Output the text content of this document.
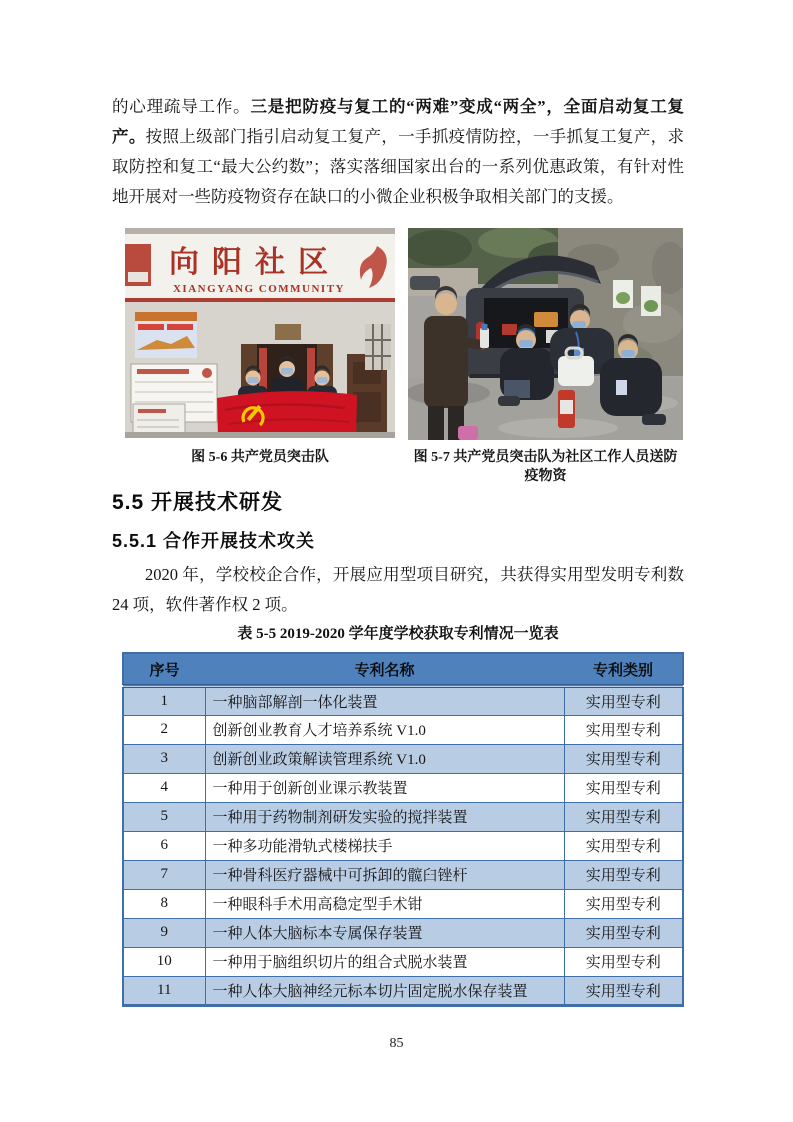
的心理疏导工作。三是把防疫与复工的“两难”变成“两全”，全面启动复工复产。按照上级部门指引启动复工复产，一手抓疫情防控，一手抓复工复产，求取防控和复工“最大公约数”；落实落细国家出台的一系列优惠政策，有针对性地开展对一些防疫物资存在缺口的小微企业积极争取相关部门的支援。

向阳社区
XIANGYANG COMMUNITY
图 5-6 共产党员突击队	图 5-7 共产党员突击队为社区工作人员送防疫物资
5.5 开展技术研发
5.5.1 合作开展技术攻关

2020 年，学校校企合作，开展应用型项目研究，共获得实用型发明专利数 24 项，软件著作权 2 项。

表 5-5 2019-2020 学年度学校获取专利情况一览表
序号	专利名称	专利类别
1	一种脑部解剖一体化装置	实用型专利
2	创新创业教育人才培养系统 V1.0	实用型专利
3	创新创业政策解读管理系统 V1.0	实用型专利
4	一种用于创新创业课示教装置	实用型专利
5	一种用于药物制剂研发实验的搅拌装置	实用型专利
6	一种多功能滑轨式楼梯扶手	实用型专利
7	一种骨科医疗器械中可拆卸的髋臼锉杆	实用型专利
8	一种眼科手术用高稳定型手术钳	实用型专利
9	一种人体大脑标本专属保存装置	实用型专利
10	一种用于脑组织切片的组合式脱水装置	实用型专利
11	一种人体大脑神经元标本切片固定脱水保存装置	实用型专利
85
